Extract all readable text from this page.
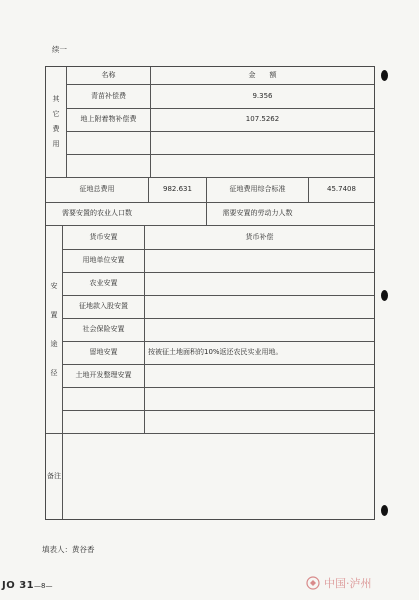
续一
其
它
费
用
名称	金　　额
青苗补偿费	9.356
地上附着物补偿费	107.5262
征地总费用	982.631	征地费用综合标准	45.7408
需要安置的农业人口数	需要安置的劳动力人数
安
置
途
径
货币安置	货币补偿
用地单位安置
农业安置
征地款入股安置
社会保险安置
留地安置	按被征土地面积的10%返还农民实业用地。
土地开发整理安置
备注
填表人：黄谷香
JO 31 —8—	中国·泸州
